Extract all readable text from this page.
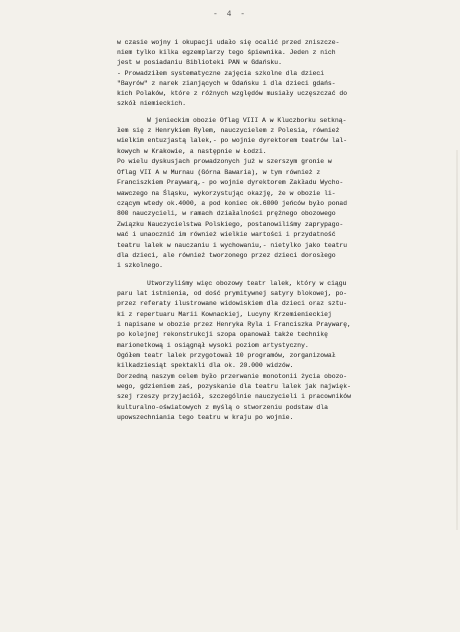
- 4 -
w czasie wojny i okupacji udało się ocalić przed zniszcze-
niem tylko kilka egzemplarzy tego śpiewnika. Jeden z nich
jest w posiadaniu Biblioteki PAN w Gdańsku.
- Prowadziłem systematyczne zajęcia szkolne dla dzieci
"Bayrów" z narek zianjących w Gdańsku i dla dzieci gdańs-
kich Polaków, które z różnych względów musiały uczęszczać do
szkół niemieckich.
W jenieckim obozie Oflag VIII A w Kluczborku setkną-
łem się z Henrykiem Rylem, nauczycielem z Polesia, również
wielkim entuzjastą lalek,- po wojnie dyrektorem teatrów lal-
kowych w Krakowie, a następnie w Łodzi.
Po wielu dyskusjach prowadzonych już w szerszym gronie w
Oflag VII A w Murnau (Górna Bawaria), w tym również z
Franciszkiem Praywarą,- po wojnie dyrektorem Zakładu Wycho-
wawczego na Śląsku, wykorzystując okazję, że w obozie li-
czącym wtedy ok.4000, a pod koniec ok.6000 jeńców było ponad
800 nauczycieli, w ramach działalności prężnego obozowego
Związku Nauczycielstwa Polskiego, postanowiliśmy zaprypago-
wać i unaocznić im również wielkie wartości i przydatność
teatru lalek w nauczaniu i wychowaniu,- nietylko jako teatru
dla dzieci, ale również tworzonego przez dzieci dorosłego
i szkolnego.
Utworzyliśmy więc obozowy teatr lalek, który w ciągu
paru lat istnienia, od dość prymitywnej satyry blokowej, po-
przez referaty ilustrowane widowiskiem dla dzieci oraz sztu-
ki z repertuaru Marii Kownackiej, Lucyny Krzemienieckiej
i napisane w obozie przez Henryka Ryla i Franciszka Praywarę,
po kolejnej rekonstrukcji szopa opanował także technikę
marionetkową i osiągnął wysoki poziom artystyczny.
Ogółem teatr lalek przygotował 10 programów, zorganizował
kilkadziesiąt spektakli dla ok. 20.000 widzów.
Dorzedną naszym celem było przerwanie monotonii życia obozo-
wego, gdzieniem zaś, pozyskanie dla teatru lalek jak najwięk-
szej rzeszy przyjaciół, szczególnie nauczycieli i pracowników
kulturalno-oświatowych z myślą o stworzeniu podstaw dla
upowszechniania tego teatru w kraju po wojnie.
